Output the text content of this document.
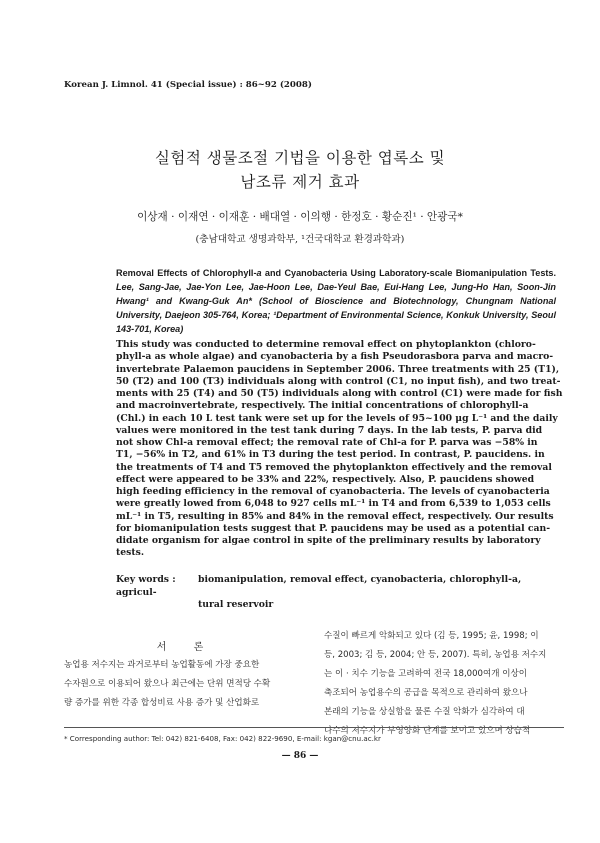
Korean J. Limnol. 41 (Special issue) : 86~92 (2008)
실험적 생물조절 기법을 이용한 엽록소 및
남조류 제거 효과
이상재 · 이재연 · 이재훈 · 배대열 · 이의행 · 한정호 · 황순진¹ · 안광국*
(충남대학교 생명과학부, ¹건국대학교 환경과학과)
Removal Effects of Chlorophyll-a and Cyanobacteria Using Laboratory-scale Biomanipulation Tests. Lee, Sang-Jae, Jae-Yon Lee, Jae-Hoon Lee, Dae-Yeul Bae, Eui-Hang Lee, Jung-Ho Han, Soon-Jin Hwang¹ and Kwang-Guk An* (School of Bioscience and Biotechnology, Chungnam National University, Daejeon 305-764, Korea; ¹Department of Environmental Science, Konkuk University, Seoul 143-701, Korea)
This study was conducted to determine removal effect on phytoplankton (chloro-
phyll-a as whole algae) and cyanobacteria by a fish Pseudorasbora parva and macro-
invertebrate Palaemon paucidens in September 2006. Three treatments with 25 (T1),
50 (T2) and 100 (T3) individuals along with control (C1, no input fish), and two treat-
ments with 25 (T4) and 50 (T5) individuals along with control (C1) were made for fish
and macroinvertebrate, respectively. The initial concentrations of chlorophyll-a
(Chl.) in each 10 L test tank were set up for the levels of 95~100 μg L⁻¹ and the daily
values were monitored in the test tank during 7 days. In the lab tests, P. parva did
not show Chl-a removal effect; the removal rate of Chl-a for P. parva was −58% in
T1, −56% in T2, and 61% in T3 during the test period. In contrast, P. paucidens. in
the treatments of T4 and T5 removed the phytoplankton effectively and the removal
effect were appeared to be 33% and 22%, respectively. Also, P. paucidens showed
high feeding efficiency in the removal of cyanobacteria. The levels of cyanobacteria
were greatly lowed from 6,048 to 927 cells mL⁻¹ in T4 and from 6,539 to 1,053 cells
mL⁻¹ in T5, resulting in 85% and 84% in the removal effect, respectively. Our results
for biomanipulation tests suggest that P. paucidens may be used as a potential can-
didate organism for algae control in spite of the preliminary results by laboratory
tests.
Key words : biomanipulation, removal effect, cyanobacteria, chlorophyll-a, agricul-
tural reservoir
서 론
농업용 저수지는 과거로부터 농업활동에 가장 중요한
수자원으로 이용되어 왔으나 최근에는 단위 면적당 수확
량 증가를 위한 각종 합성비료 사용 증가 및 산업화로
수질이 빠르게 악화되고 있다 (김 등, 1995; 윤, 1998; 이
등, 2003; 김 등, 2004; 안 등, 2007). 특히, 농업용 저수지
는 이 · 치수 기능을 고려하여 전국 18,000여개 이상이
축조되어 농업용수의 공급을 목적으로 관리하여 왔으나
본래의 기능을 상실함을 물론 수질 악화가 심각하여 대
다수의 저수지가 부영양화 단계를 보이고 있으며 상습적
* Corresponding author: Tel: 042) 821-6408, Fax: 042) 822-9690, E-mail: kgan@cnu.ac.kr
— 86 —
